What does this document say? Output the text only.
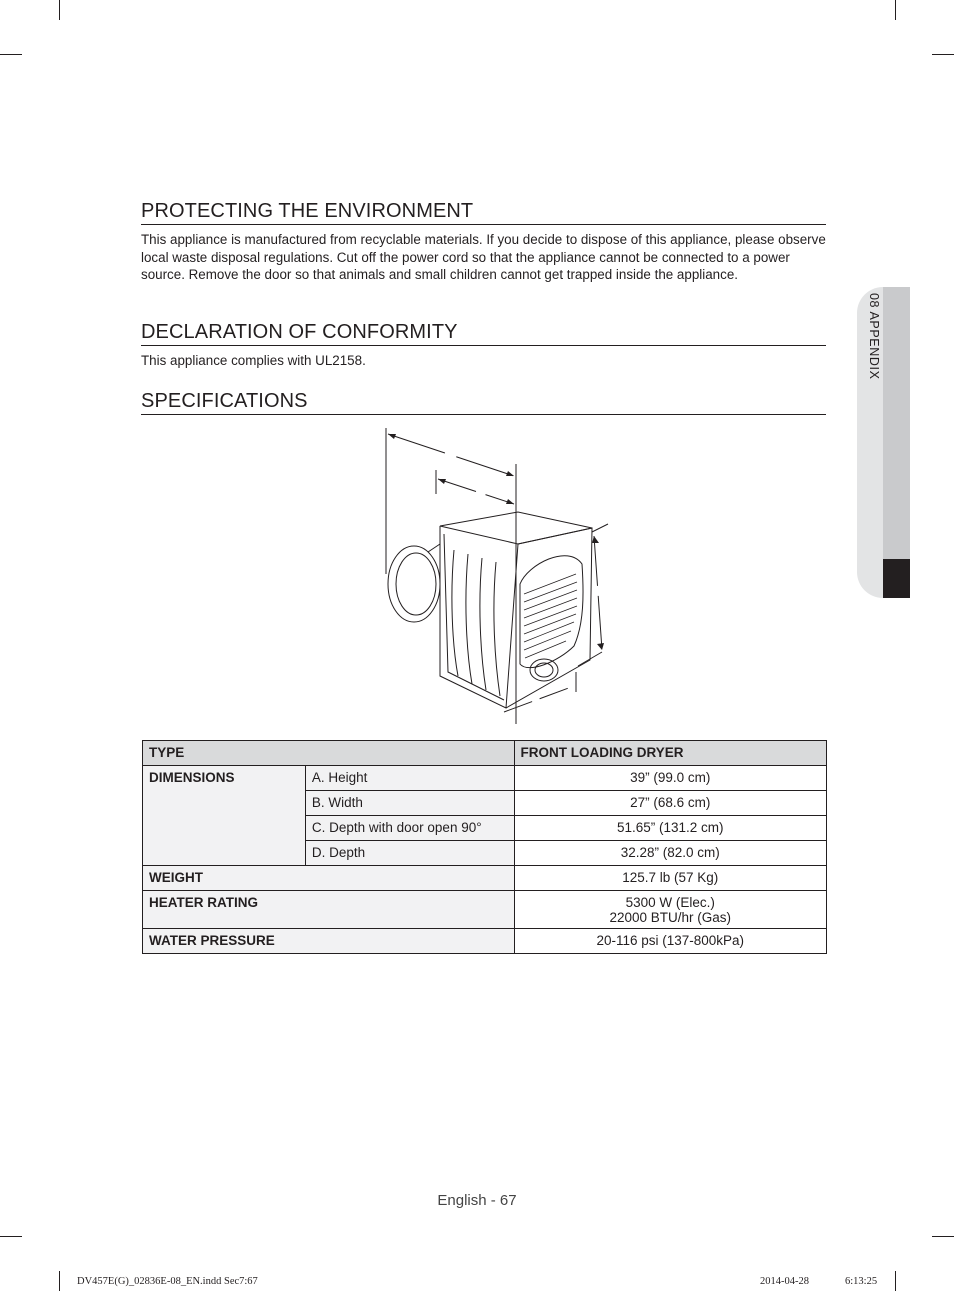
08 APPENDIX
PROTECTING THE ENVIRONMENT

This appliance is manufactured from recyclable materials. If you decide to dispose of this appliance, please observe local waste disposal regulations. Cut off the power cord so that the appliance cannot be connected to a power source. Remove the door so that animals and small children cannot get trapped inside the appliance.

DECLARATION OF CONFORMITY

This appliance complies with UL2158.

SPECIFICATIONS
TYPE		FRONT LOADING DRYER
DIMENSIONS	A. Height	39” (99.0 cm)
	B. Width	27” (68.6 cm)
	C. Depth with door open 90°	51.65” (131.2 cm)
	D. Depth	32.28” (82.0 cm)
WEIGHT		125.7 lb (57 Kg)
HEATER RATING		5300 W (Elec.)
22000 BTU/hr (Gas)

WATER PRESSURE		20-116 psi (137-800kPa)
English - 67
DV457E(G)_02836E-08_EN.indd Sec7:67	2014-04-28	6:13:25
